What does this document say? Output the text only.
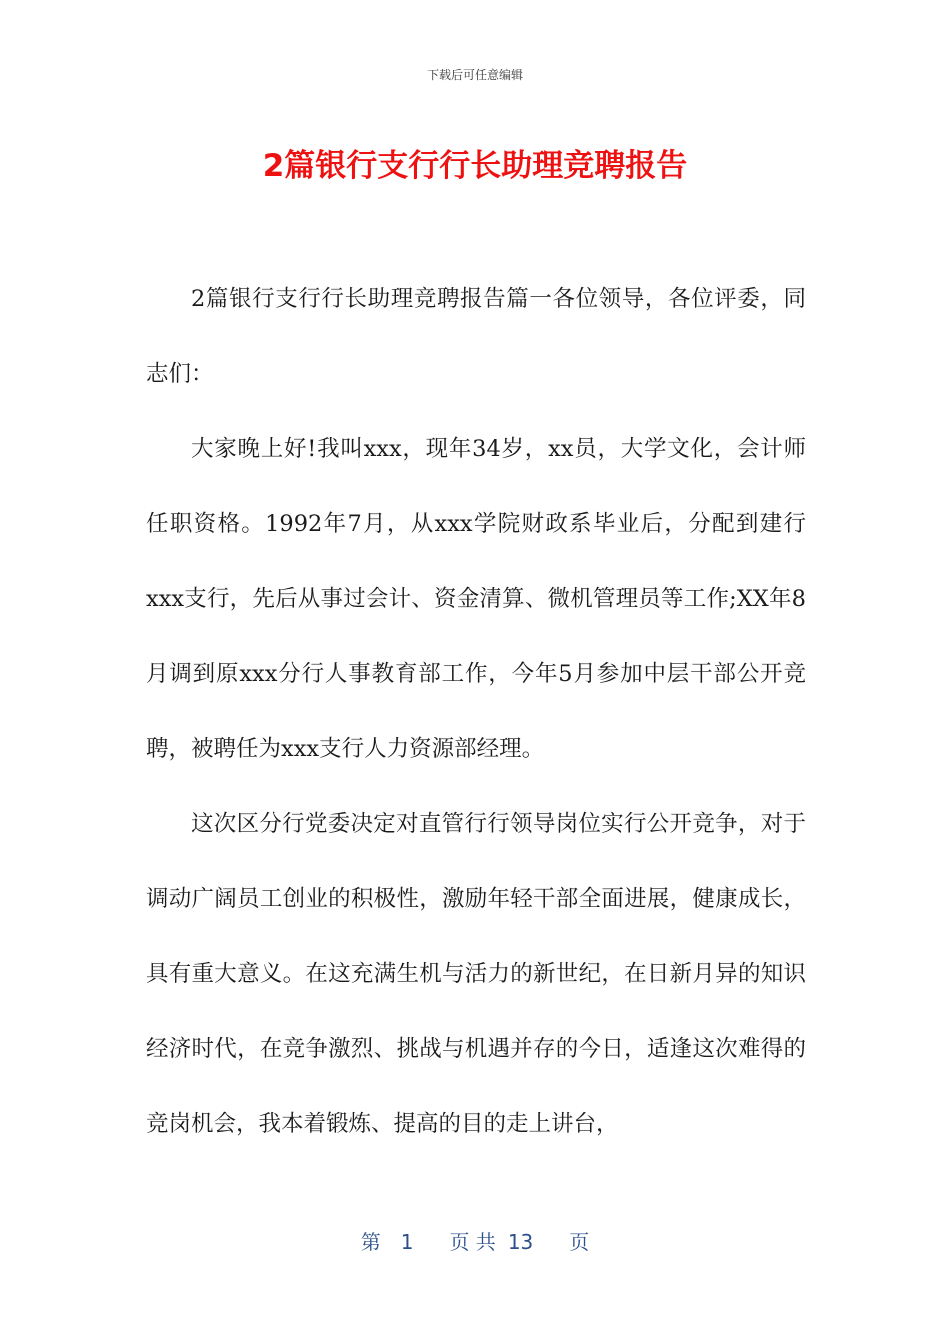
下载后可任意编辑
2篇银行支行行长助理竞聘报告

2篇银行支行行长助理竞聘报告篇一各位领导，各位评委，同志们：

大家晚上好!我叫xxx，现年34岁，xx员，大学文化，会计师任职资格。1992年7月，从xxx学院财政系毕业后，分配到建行xxx支行，先后从事过会计、资金清算、微机管理员等工作;XX年8月调到原xxx分行人事教育部工作，今年5月参加中层干部公开竞聘，被聘任为xxx支行人力资源部经理。

这次区分行党委决定对直管行行领导岗位实行公开竞争，对于调动广阔员工创业的积极性，激励年轻干部全面进展，健康成长，具有重大意义。在这充满生机与活力的新世纪，在日新月异的知识经济时代，在竞争激烈、挑战与机遇并存的今日，适逢这次难得的竞岗机会，我本着锻炼、提高的目的走上讲台，

第 1 页 共 13 页
